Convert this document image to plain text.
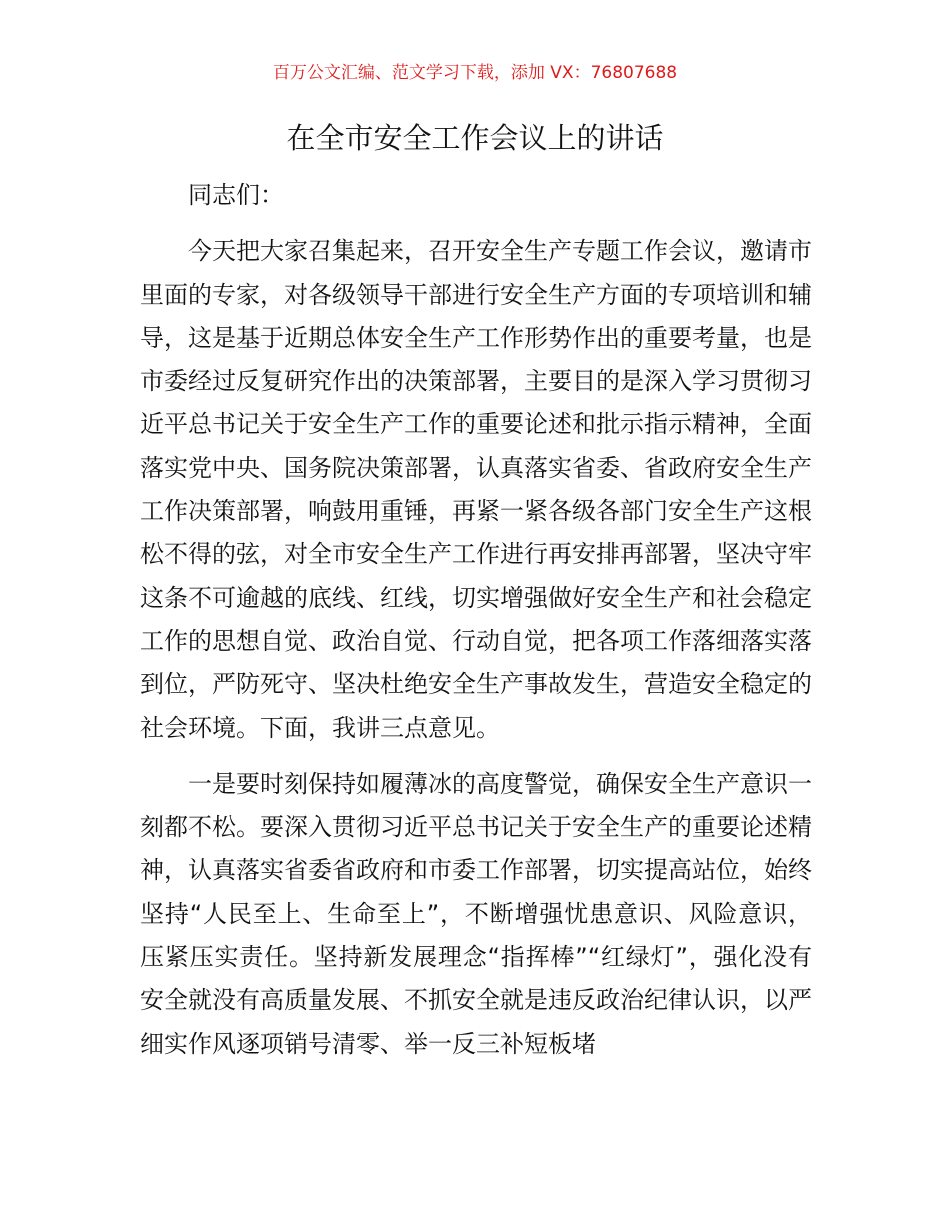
百万公文汇编、范文学习下载，添加 VX：76807688
在全市安全工作会议上的讲话

同志们：

今天把大家召集起来，召开安全生产专题工作会议，邀请市里面的专家，对各级领导干部进行安全生产方面的专项培训和辅导，这是基于近期总体安全生产工作形势作出的重要考量，也是市委经过反复研究作出的决策部署，主要目的是深入学习贯彻习近平总书记关于安全生产工作的重要论述和批示指示精神，全面落实党中央、国务院决策部署，认真落实省委、省政府安全生产工作决策部署，响鼓用重锤，再紧一紧各级各部门安全生产这根松不得的弦，对全市安全生产工作进行再安排再部署，坚决守牢这条不可逾越的底线、红线，切实增强做好安全生产和社会稳定工作的思想自觉、政治自觉、行动自觉，把各项工作落细落实落到位，严防死守、坚决杜绝安全生产事故发生，营造安全稳定的社会环境。下面，我讲三点意见。

一是要时刻保持如履薄冰的高度警觉，确保安全生产意识一刻都不松。要深入贯彻习近平总书记关于安全生产的重要论述精神，认真落实省委省政府和市委工作部署，切实提高站位，始终坚持“人民至上、生命至上”，不断增强忧患意识、风险意识，压紧压实责任。坚持新发展理念“指挥棒”“红绿灯”，强化没有安全就没有高质量发展、不抓安全就是违反政治纪律认识，以严细实作风逐项销号清零、举一反三补短板堵
